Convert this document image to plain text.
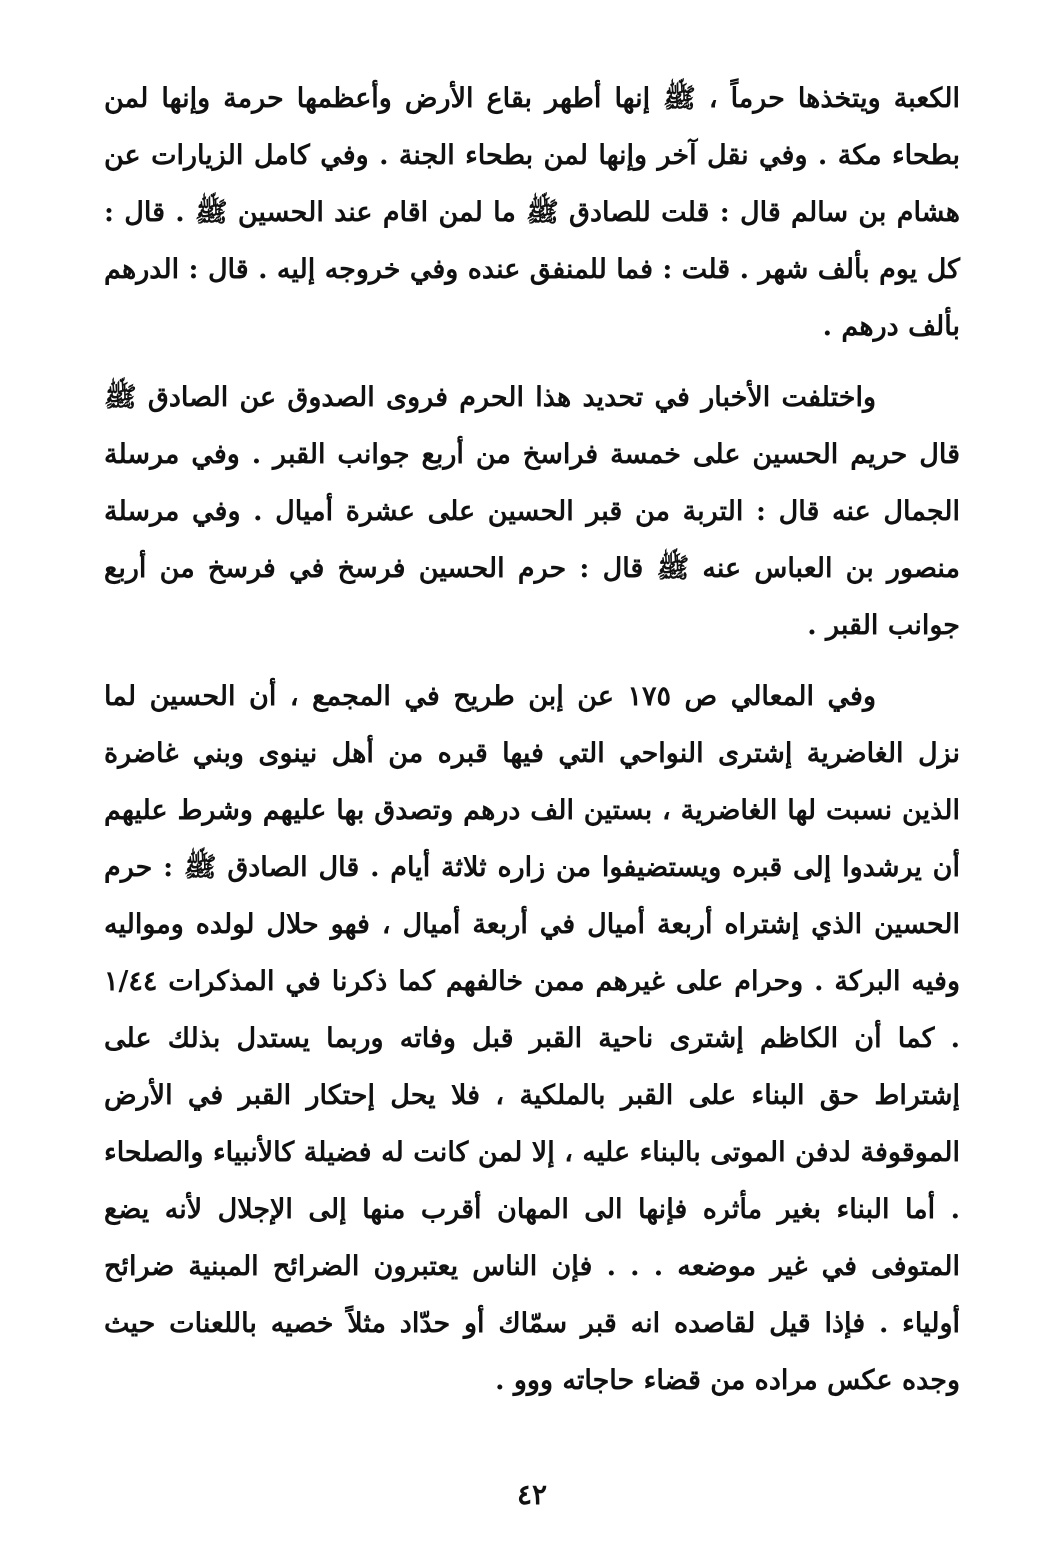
الكعبة ويتخذها حرماً ، ﷺ إنها أطهر بقاع الأرض وأعظمها حرمة وإنها لمن بطحاء مكة . وفي نقل آخر وإنها لمن بطحاء الجنة . وفي كامل الزيارات عن هشام بن سالم قال : قلت للصادق ﷺ ما لمن اقام عند الحسين ﷺ . قال : كل يوم بألف شهر . قلت : فما للمنفق عنده وفي خروجه إليه . قال : الدرهم بألف درهم .

واختلفت الأخبار في تحديد هذا الحرم فروى الصدوق عن الصادق ﷺ قال حريم الحسين على خمسة فراسخ من أربع جوانب القبر . وفي مرسلة الجمال عنه قال : التربة من قبر الحسين على عشرة أميال . وفي مرسلة منصور بن العباس عنه ﷺ قال : حرم الحسين فرسخ في فرسخ من أربع جوانب القبر .

وفي المعالي ص ١٧٥ عن إبن طريح في المجمع ، أن الحسين لما نزل الغاضرية إشترى النواحي التي فيها قبره من أهل نينوى وبني غاضرة الذين نسبت لها الغاضرية ، بستين الف درهم وتصدق بها عليهم وشرط عليهم أن يرشدوا إلى قبره ويستضيفوا من زاره ثلاثة أيام . قال الصادق ﷺ : حرم الحسين الذي إشتراه أربعة أميال في أربعة أميال ، فهو حلال لولده ومواليه وفيه البركة . وحرام على غيرهم ممن خالفهم كما ذكرنا في المذكرات ١/٤٤ . كما أن الكاظم إشترى ناحية القبر قبل وفاته وربما يستدل بذلك على إشتراط حق البناء على القبر بالملكية ، فلا يحل إحتكار القبر في الأرض الموقوفة لدفن الموتى بالبناء عليه ، إلا لمن كانت له فضيلة كالأنبياء والصلحاء . أما البناء بغير مأثره فإنها الى المهان أقرب منها إلى الإجلال لأنه يضع المتوفى في غير موضعه . . . فإن الناس يعتبرون الضرائح المبنية ضرائح أولياء . فإذا قيل لقاصده انه قبر سمّاك أو حدّاد مثلاً خصيه باللعنات حيث وجده عكس مراده من قضاء حاجاته ووو .

٤٢
